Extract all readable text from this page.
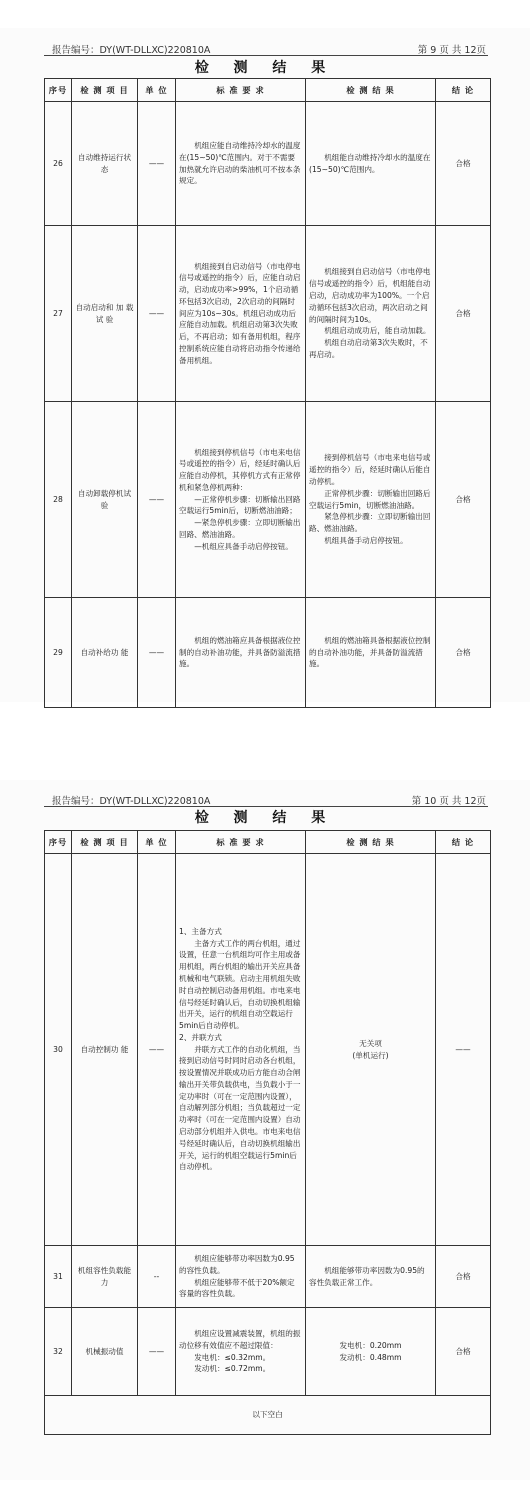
报告编号：DY(WT-DLLXC)220810A	第 9 页 共 12页
检 测 结 果
序号	检 测 项 目	单 位	标 准 要 求	检 测 结 果	结 论
26	自动维持运行状态	——	机组应能自动维持冷却水的温度在(15~50)℃范围内。对于不需要加热就允许启动的柴油机可不按本条规定。	机组能自动维持冷却水的温度在(15~50)℃范围内。	合格
27	自动启动和 加 载 试 验	——	机组接到自启动信号（市电停电信号或遥控的指令）后，应能自动启动，启动成功率>99%，1个启动循环包括3次启动，2次启动的间隔时间应为10s~30s。机组启动成功后应能自动加载。机组启动第3次失败后，不再启动；如有备用机组，程序控制系统应能自动将启动指令传递给备用机组。	机组接到自启动信号（市电停电信号或遥控的指令）后，机组能自动启动，启动成功率为100%。一个启动循环包括3次启动，两次启动之间的间隔时间为10s。
机组启动成功后，能自动加载。
机组自动启动第3次失败时，不再启动。	合格
28	自动卸载停机试验	——	机组接到停机信号（市电来电信号或遥控的指令）后，经延时确认后应能自动停机，其停机方式有正常停机和紧急停机两种：
—正常停机步骤：切断输出回路空载运行5min后，切断燃油油路；
—紧急停机步骤：立即切断输出回路、燃油油路。
—机组应具备手动启停按钮。	接到停机信号（市电来电信号或遥控的指令）后，经延时确认后能自动停机。
正常停机步骤：切断输出回路后空载运行5min，切断燃油油路。
紧急停机步骤：立即切断输出回路、燃油油路。
机组具备手动启停按钮。	合格
29	自动补给功 能	——	机组的燃油箱应具备根据液位控制的自动补油功能，并具备防溢流措施。	机组的燃油箱具备根据液位控制的自动补油功能，并具备防溢流措施。	合格
报告编号：DY(WT-DLLXC)220810A	第 10 页 共 12页
检 测 结 果
序号	检 测 项 目	单 位	标 准 要 求	检 测 结 果	结 论
30	自动控制功 能	——	1、主备方式
主备方式工作的两台机组，通过设置，任意一台机组均可作主用或备用机组，两台机组的输出开关应具备机械和电气联锁。启动主用机组失败时自动控制启动备用机组。市电来电信号经延时确认后，自动切换机组输出开关，运行的机组自动空载运行5min后自动停机。
2、并联方式
并联方式工作的自动化机组，当接到启动信号时同时启动各台机组，按设置情况并联成功后方能自动合闸输出开关带负载供电，当负载小于一定功率时（可在一定范围内设置），自动解列部分机组；当负载超过一定功率时（可在一定范围内设置）自动启动部分机组并入供电。市电来电信号经延时确认后，自动切换机组输出开关，运行的机组空载运行5min后自动停机。	无关项
(单机运行)	——
31	机组容性负载能力	--	机组应能够带功率因数为0.95的容性负载。
机组应能够带不低于20%额定容量的容性负载。	机组能够带功率因数为0.95的容性负载正常工作。	合格
32	机械振动值	——	机组应设置减震装置，机组的振动位移有效值应不超过限值：
发电机：≤0.32mm。
发动机：≤0.72mm。	发电机：0.20mm
发动机：0.48mm	合格
以下空白					
